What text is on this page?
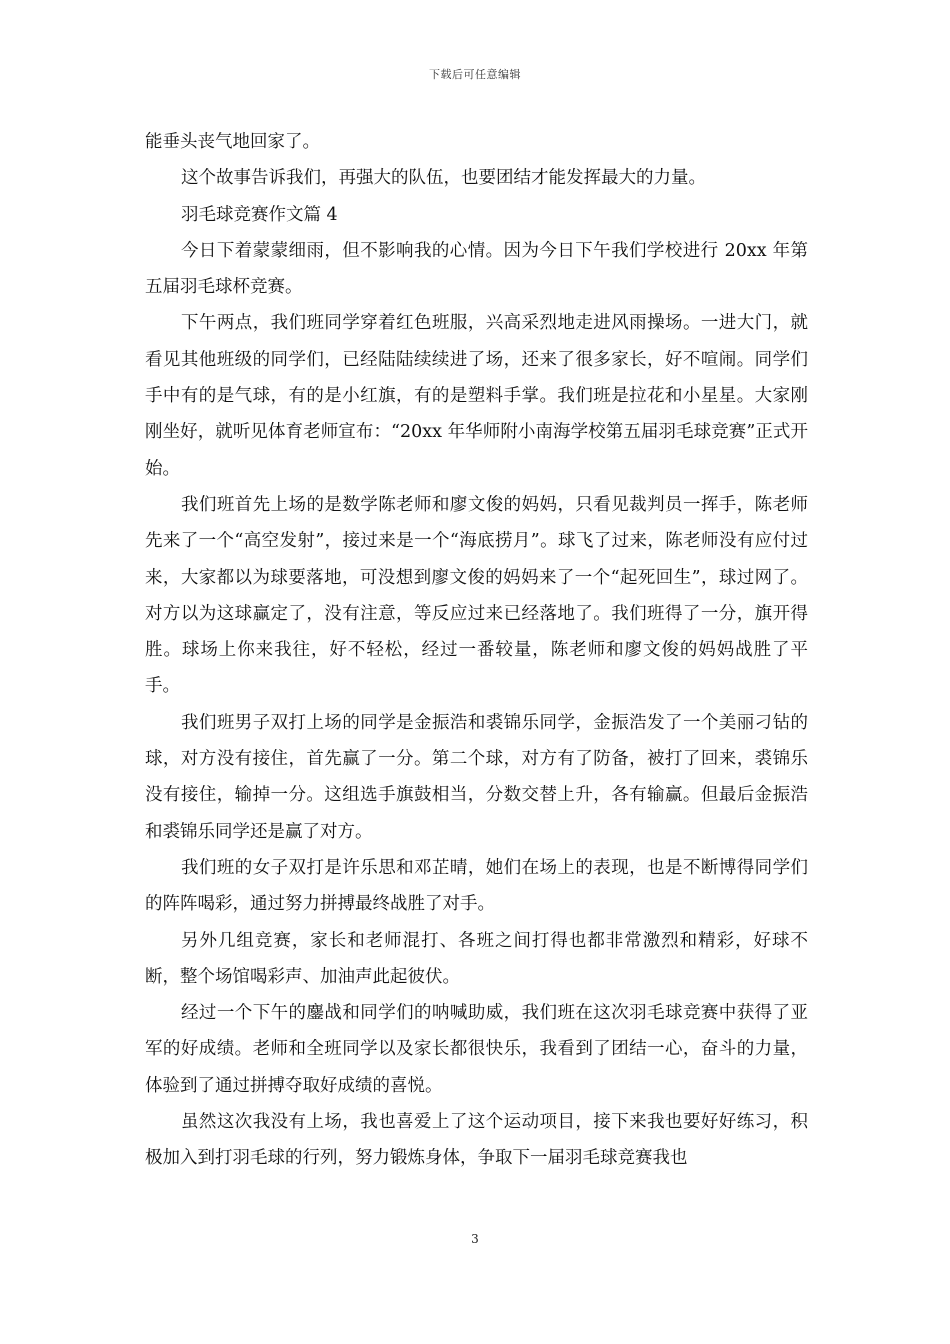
下载后可任意编辑

能垂头丧气地回家了。

这个故事告诉我们，再强大的队伍，也要团结才能发挥最大的力量。

羽毛球竞赛作文篇 4

今日下着蒙蒙细雨，但不影响我的心情。因为今日下午我们学校进行 20xx 年第五届羽毛球杯竞赛。

下午两点，我们班同学穿着红色班服，兴高采烈地走进风雨操场。一进大门，就看见其他班级的同学们，已经陆陆续续进了场，还来了很多家长，好不喧闹。同学们手中有的是气球，有的是小红旗，有的是塑料手掌。我们班是拉花和小星星。大家刚刚坐好，就听见体育老师宣布：“20xx 年华师附小南海学校第五届羽毛球竞赛”正式开始。

我们班首先上场的是数学陈老师和廖文俊的妈妈，只看见裁判员一挥手，陈老师先来了一个“高空发射”，接过来是一个“海底捞月”。球飞了过来，陈老师没有应付过来，大家都以为球要落地，可没想到廖文俊的妈妈来了一个“起死回生”，球过网了。对方以为这球赢定了，没有注意，等反应过来已经落地了。我们班得了一分，旗开得胜。球场上你来我往，好不轻松，经过一番较量，陈老师和廖文俊的妈妈战胜了平手。

我们班男子双打上场的同学是金振浩和裘锦乐同学，金振浩发了一个美丽刁钻的球，对方没有接住，首先赢了一分。第二个球，对方有了防备，被打了回来，裘锦乐没有接住，输掉一分。这组选手旗鼓相当，分数交替上升，各有输赢。但最后金振浩和裘锦乐同学还是赢了对方。

我们班的女子双打是许乐思和邓芷晴，她们在场上的表现，也是不断博得同学们的阵阵喝彩，通过努力拼搏最终战胜了对手。

另外几组竞赛，家长和老师混打、各班之间打得也都非常激烈和精彩，好球不断，整个场馆喝彩声、加油声此起彼伏。

经过一个下午的鏖战和同学们的呐喊助威，我们班在这次羽毛球竞赛中获得了亚军的好成绩。老师和全班同学以及家长都很快乐，我看到了团结一心，奋斗的力量，体验到了通过拼搏夺取好成绩的喜悦。

虽然这次我没有上场，我也喜爱上了这个运动项目，接下来我也要好好练习，积极加入到打羽毛球的行列，努力锻炼身体，争取下一届羽毛球竞赛我也

3
